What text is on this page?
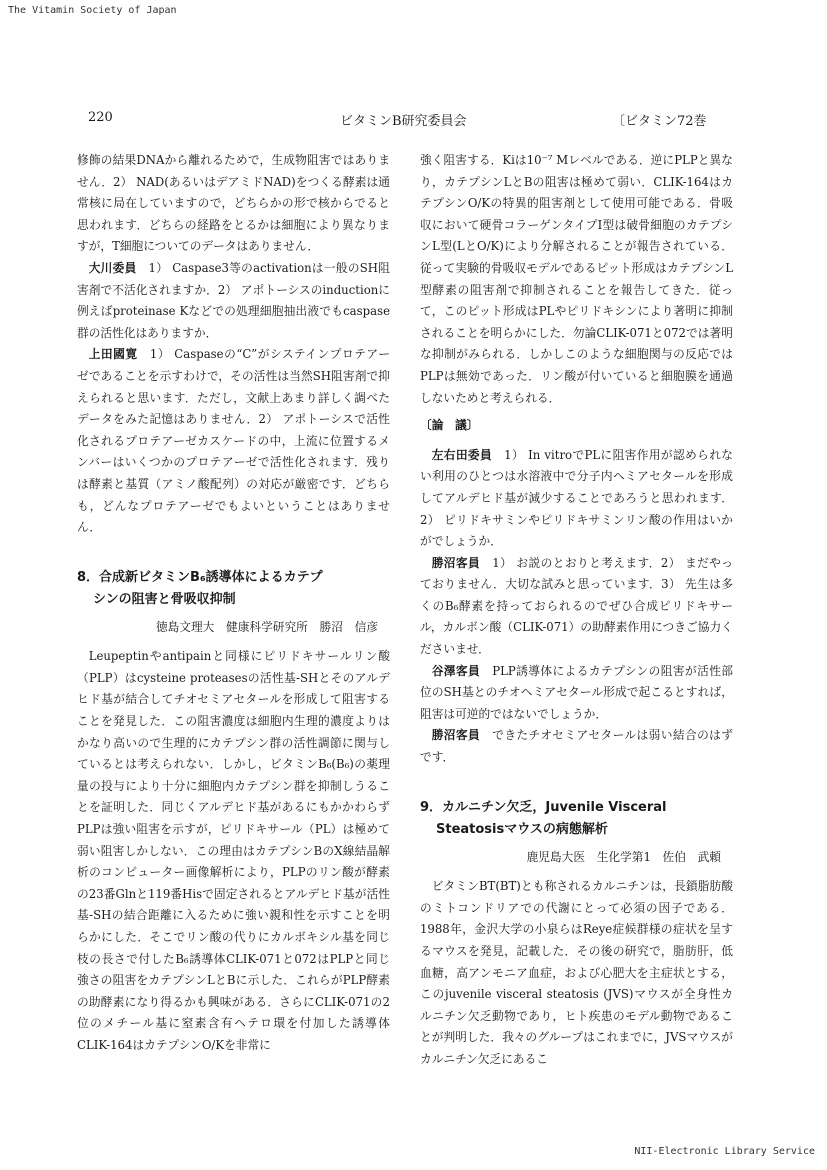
The Vitamin Society of Japan
220	ビタミンB研究委員会	〔ビタミン72巻

修飾の結果DNAから離れるためで，生成物阻害ではありません．2） NAD(あるいはデアミドNAD)をつくる酵素は通常核に局在していますので，どちらかの形で核からでると思われます．どちらの経路をとるかは細胞により異なりますが，T細胞についてのデータはありません．

大川委員　 1） Caspase3等のactivationは一般のSH阻害剤で不活化されますか．2） アポトーシスのinductionに例えばproteinase Kなどでの処理細胞抽出液でもcaspase群の活性化はありますか．

上田國寛　 1） Caspaseの“C”がシステインプロテアーゼであることを示すわけで，その活性は当然SH阻害剤で抑えられると思います．ただし，文献上あまり詳しく調べたデータをみた記憶はありません．2） アポトーシスで活性化されるプロテアーゼカスケードの中，上流に位置するメンバーはいくつかのプロテアーゼで活性化されます．残りは酵素と基質（アミノ酸配列）の対応が厳密です．どちらも，どんなプロテアーゼでもよいということはありません．

8．合成新ビタミンB₆誘導体によるカテプ
シンの阻害と骨吸収抑制
徳島文理大　健康科学研究所　勝沼　信彦

Leupeptinやantipainと同様にピリドキサールリン酸（PLP）はcysteine proteasesの活性基-SHとそのアルデヒド基が結合してチオセミアセタールを形成して阻害することを発見した．この阻害濃度は細胞内生理的濃度よりはかなり高いので生理的にカテプシン群の活性調節に関与しているとは考えられない．しかし，ビタミンB₆(B₆)の薬理量の投与により十分に細胞内カテプシン群を抑制しうることを証明した．同じくアルデヒド基があるにもかかわらずPLPは強い阻害を示すが，ピリドキサール（PL）は極めて弱い阻害しかしない．この理由はカテプシンBのX線結晶解析のコンピューター画像解析により，PLPのリン酸が酵素の23番Glnと119番Hisで固定されるとアルデヒド基が活性基-SHの結合距離に入るために強い親和性を示すことを明らかにした．そこでリン酸の代りにカルボキシル基を同じ枝の長さで付したB₆誘導体CLIK-071と072はPLPと同じ強さの阻害をカテプシンLとBに示した．これらがPLP酵素の助酵素になり得るかも興味がある．さらにCLIK-071の2位のメチール基に窒素含有ヘテロ環を付加した誘導体CLIK-164はカテプシンO/Kを非常に

強く阻害する．Kiは10⁻⁷ Mレベルである．逆にPLPと異なり，カテプシンLとBの阻害は極めて弱い．CLIK-164はカテプシンO/Kの特異的阻害剤として使用可能である．骨吸収において硬骨コラーゲンタイプI型は破骨細胞のカテプシンL型(LとO/K)により分解されることが報告されている．従って実験的骨吸収モデルであるピット形成はカテプシンL型酵素の阻害剤で抑制されることを報告してきた．従って，このピット形成はPLやピリドキシンにより著明に抑制されることを明らかにした．勿論CLIK-071と072では著明な抑制がみられる．しかしこのような細胞関与の反応ではPLPは無効であった．リン酸が付いていると細胞膜を通過しないためと考えられる．

〔論　議〕

左右田委員　 1） In vitroでPLに阻害作用が認められない利用のひとつは水溶液中で分子内ヘミアセタールを形成してアルデヒド基が減少することであろうと思われます．2） ピリドキサミンやピリドキサミンリン酸の作用はいかがでしょうか．

勝沼客員　 1） お説のとおりと考えます．2） まだやっておりません．大切な試みと思っています．3） 先生は多くのB₆酵素を持っておられるのでぜひ合成ピリドキサール，カルボン酸（CLIK-071）の助酵素作用につきご協力くださいませ．

谷澤客員　 PLP誘導体によるカテプシンの阻害が活性部位のSH基とのチオヘミアセタール形成で起こるとすれば，阻害は可逆的ではないでしょうか．

勝沼客員　 できたチオセミアセタールは弱い結合のはずです．

9．カルニチン欠乏，Juvenile Visceral
Steatosisマウスの病態解析
鹿児島大医　生化学第1　佐伯　武頼

ビタミンBT(BT)とも称されるカルニチンは，長鎖脂肪酸のミトコンドリアでの代謝にとって必須の因子である．1988年，金沢大学の小泉らはReye症候群様の症状を呈するマウスを発見，記載した．その後の研究で，脂肪肝，低血糖，高アンモニア血症，および心肥大を主症状とする，このjuvenile visceral steatosis (JVS)マウスが全身性カルニチン欠乏動物であり，ヒト疾患のモデル動物であることが判明した．我々のグループはこれまでに，JVSマウスがカルニチン欠乏にあるこ

NII-Electronic Library Service
